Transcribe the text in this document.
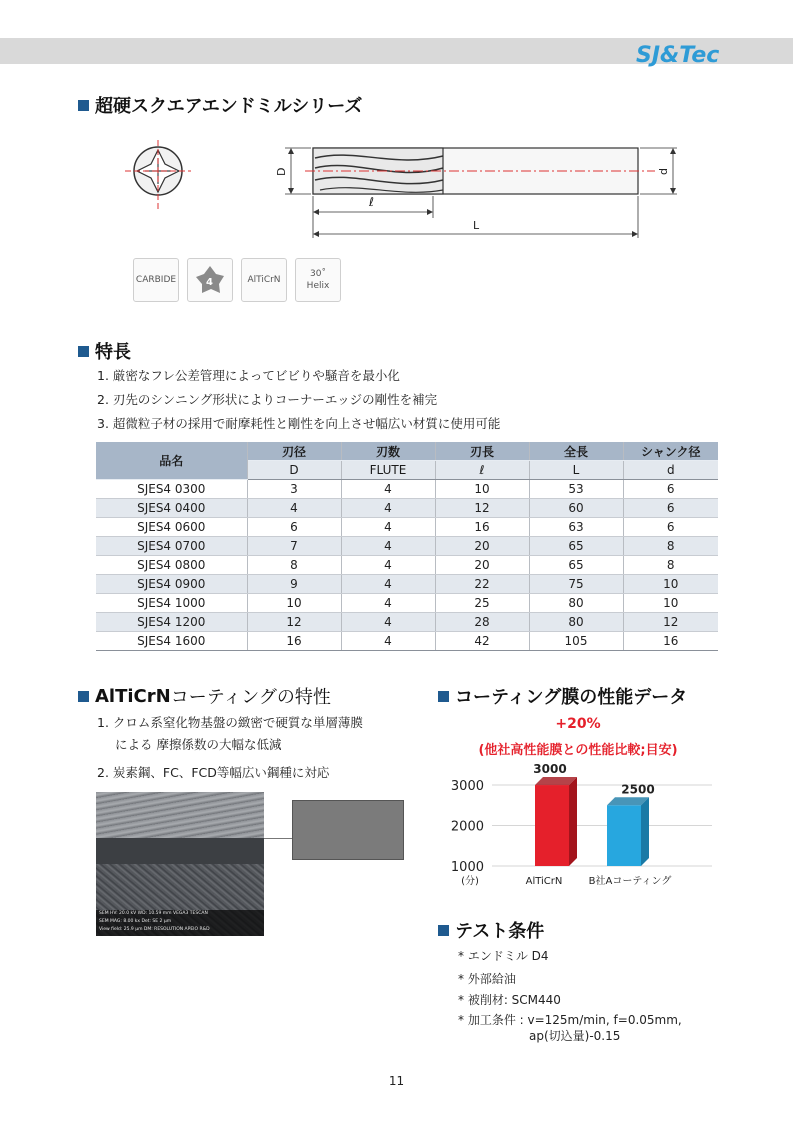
SJ&Tec
超硬スクエアエンドミルシリーズ
D	d
ℓ
L
CARBIDE	4	AlTiCrN
30˚
Helix
特長
1. 厳密なフレ公差管理によってビビりや騒音を最小化
2. 刃先のシンニング形状によりコーナーエッジの剛性を補完
3. 超微粒子材の採用で耐摩耗性と剛性を向上させ幅広い材質に使用可能
品名	刃径	刃数	刃長	全長	シャンク径
	D	FLUTE	ℓ	L	d
SJES4 0300	3	4	10	53	6
SJES4 0400	4	4	12	60	6
SJES4 0600	6	4	16	63	6
SJES4 0700	7	4	20	65	8
SJES4 0800	8	4	20	65	8
SJES4 0900	9	4	22	75	10
SJES4 1000	10	4	25	80	10
SJES4 1200	12	4	28	80	12
SJES4 1600	16	4	42	105	16
AlTiCrN コーティングの特性
1. クロム系窒化物基盤の緻密で硬質な単層薄膜
による 摩擦係数の大幅な低減
2. 炭素鋼、FC、FCD等幅広い鋼種に対応
SEM HV: 20.0 kV WD: 10.59 mm VEGA3 TESCAN
SEM MAG: 8.00 kx Det: SE 2 μm
View field: 25.9 μm DM: RESOLUTION APEIO R&D
コーティング膜の性能データ
+20%
(他社高性能膜との性能比較;目安)
3000
2000
1000
(分)
3000
AlTiCrN
2500
B社Aコーティング
テスト条件
* エンドミル D4
* 外部給油
* 被削材: SCM440
* 加工条件 : v=125m/min, f=0.05mm,
ap(切込量)-0.15
11
